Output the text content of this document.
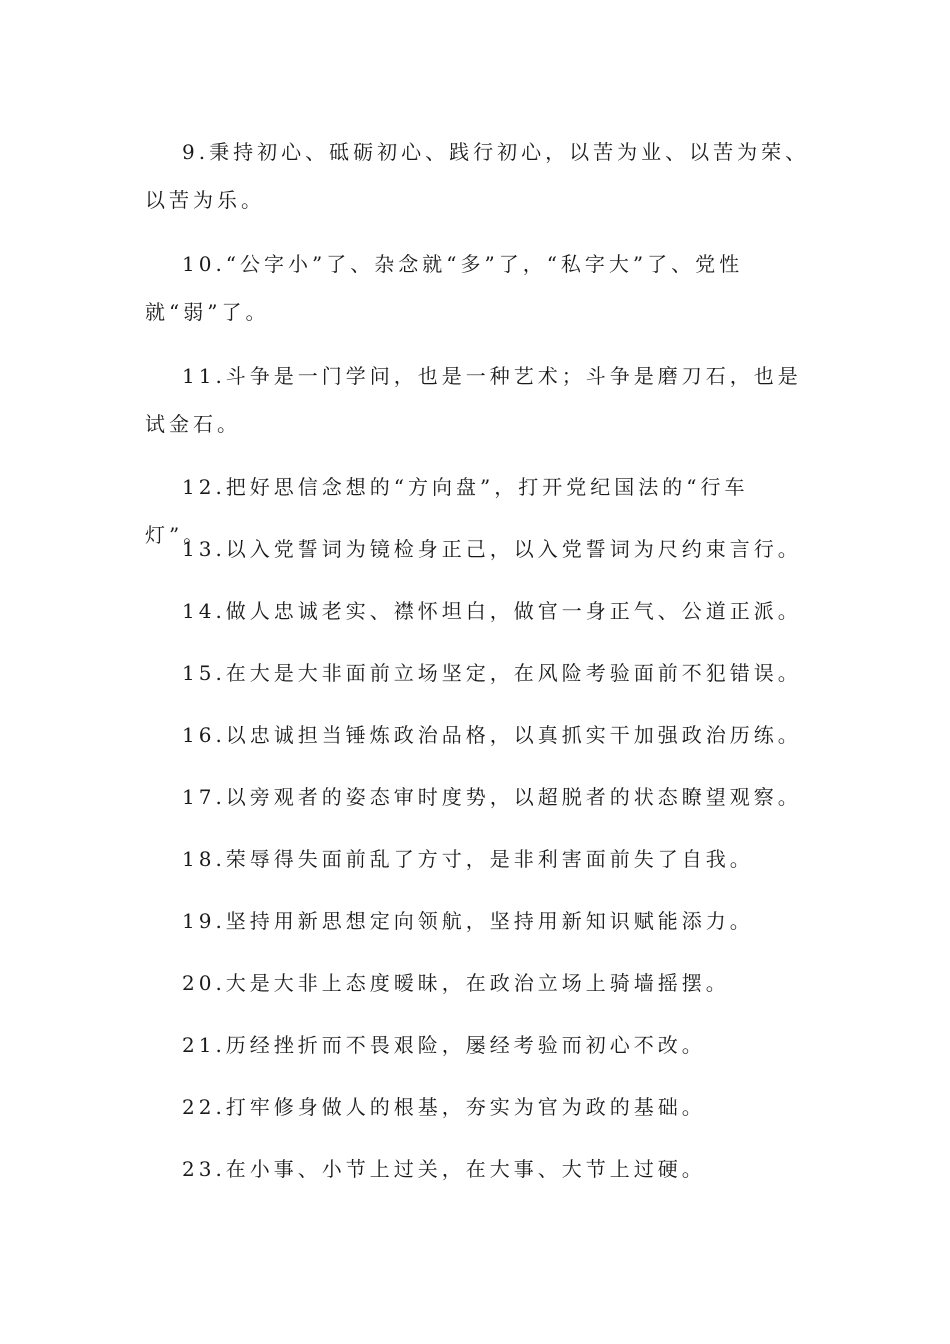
9.秉持初心、砥砺初心、践行初心，以苦为业、以苦为荣、以苦为乐。

10.“公字小”了、杂念就“多”了，“私字大”了、党性就“弱”了。

11.斗争是一门学问，也是一种艺术；斗争是磨刀石，也是试金石。

12.把好思信念想的“方向盘”，打开党纪国法的“行车灯”。

13.以入党誓词为镜检身正己，以入党誓词为尺约束言行。

14.做人忠诚老实、襟怀坦白，做官一身正气、公道正派。

15.在大是大非面前立场坚定，在风险考验面前不犯错误。

16.以忠诚担当锤炼政治品格，以真抓实干加强政治历练。

17.以旁观者的姿态审时度势，以超脱者的状态瞭望观察。

18.荣辱得失面前乱了方寸，是非利害面前失了自我。

19.坚持用新思想定向领航，坚持用新知识赋能添力。

20.大是大非上态度暧昧，在政治立场上骑墙摇摆。

21.历经挫折而不畏艰险，屡经考验而初心不改。

22.打牢修身做人的根基，夯实为官为政的基础。

23.在小事、小节上过关，在大事、大节上过硬。
